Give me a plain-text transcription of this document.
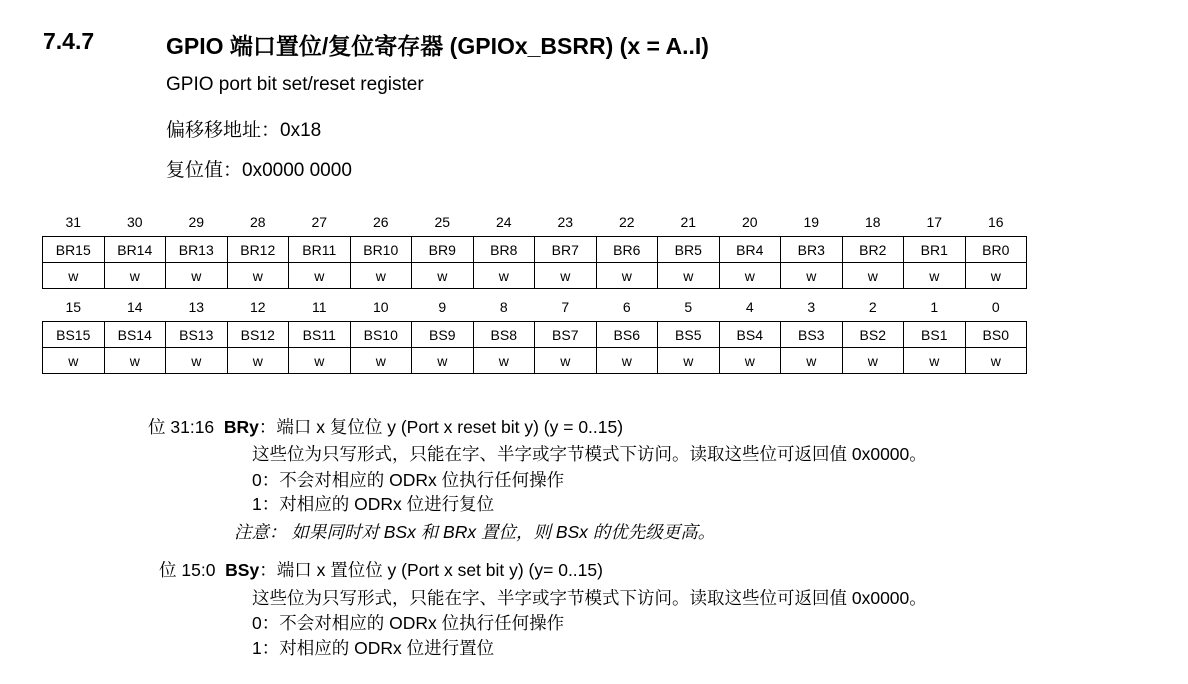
7.4.7	GPIO 端口置位/复位寄存器 (GPIOx_BSRR) (x = A..I)
GPIO port bit set/reset register
偏移移地址：0x18
复位值：0x0000 0000
31	30	29	28	27	26	25	24	23	22	21	20	19	18	17	16
BR15	BR14	BR13	BR12	BR11	BR10	BR9	BR8	BR7	BR6	BR5	BR4	BR3	BR2	BR1	BR0
w	w	w	w	w	w	w	w	w	w	w	w	w	w	w	w
15	14	13	12	11	10	9	8	7	6	5	4	3	2	1	0
BS15	BS14	BS13	BS12	BS11	BS10	BS9	BS8	BS7	BS6	BS5	BS4	BS3	BS2	BS1	BS0
w	w	w	w	w	w	w	w	w	w	w	w	w	w	w	w
位 31:16 BRy：端口 x 复位位 y (Port x reset bit y) (y = 0..15)
这些位为只写形式，只能在字、半字或字节模式下访问。读取这些位可返回值 0x0000。
0：不会对相应的 ODRx 位执行任何操作
1：对相应的 ODRx 位进行复位
注意： 如果同时对 BSx 和 BRx 置位，则 BSx 的优先级更高。
位 15:0 BSy：端口 x 置位位 y (Port x set bit y) (y= 0..15)
这些位为只写形式，只能在字、半字或字节模式下访问。读取这些位可返回值 0x0000。
0：不会对相应的 ODRx 位执行任何操作
1：对相应的 ODRx 位进行置位
